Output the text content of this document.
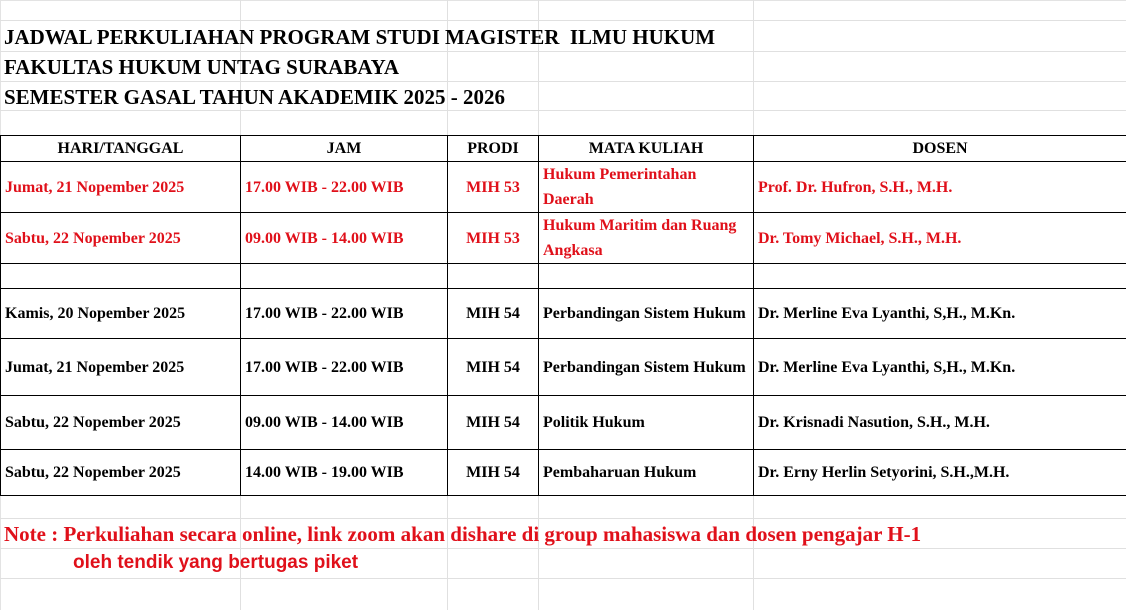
JADWAL PERKULIAHAN PROGRAM STUDI MAGISTER  ILMU HUKUM
FAKULTAS HUKUM UNTAG SURABAYA
SEMESTER GASAL TAHUN AKADEMIK 2025 - 2026
HARI/TANGGAL	JAM	PRODI	MATA KULIAH	DOSEN
Jumat, 21 Nopember 2025	17.00 WIB - 22.00 WIB	MIH 53	Hukum Pemerintahan Daerah	Prof. Dr. Hufron, S.H., M.H.
Sabtu, 22 Nopember 2025	09.00 WIB - 14.00 WIB	MIH 53	Hukum Maritim dan Ruang Angkasa	Dr. Tomy Michael, S.H., M.H.

Kamis, 20 Nopember 2025	17.00 WIB - 22.00 WIB	MIH 54	Perbandingan Sistem Hukum	Dr. Merline Eva Lyanthi, S,H., M.Kn.
Jumat, 21 Nopember 2025	17.00 WIB - 22.00 WIB	MIH 54	Perbandingan Sistem Hukum	Dr. Merline Eva Lyanthi, S,H., M.Kn.
Sabtu, 22 Nopember 2025	09.00 WIB - 14.00 WIB	MIH 54	Politik Hukum	Dr. Krisnadi Nasution, S.H., M.H.
Sabtu, 22 Nopember 2025	14.00 WIB - 19.00 WIB	MIH 54	Pembaharuan Hukum	Dr. Erny Herlin Setyorini, S.H.,M.H.
Note : Perkuliahan secara online, link zoom akan dishare di group mahasiswa dan dosen pengajar H-1
oleh tendik yang bertugas piket
